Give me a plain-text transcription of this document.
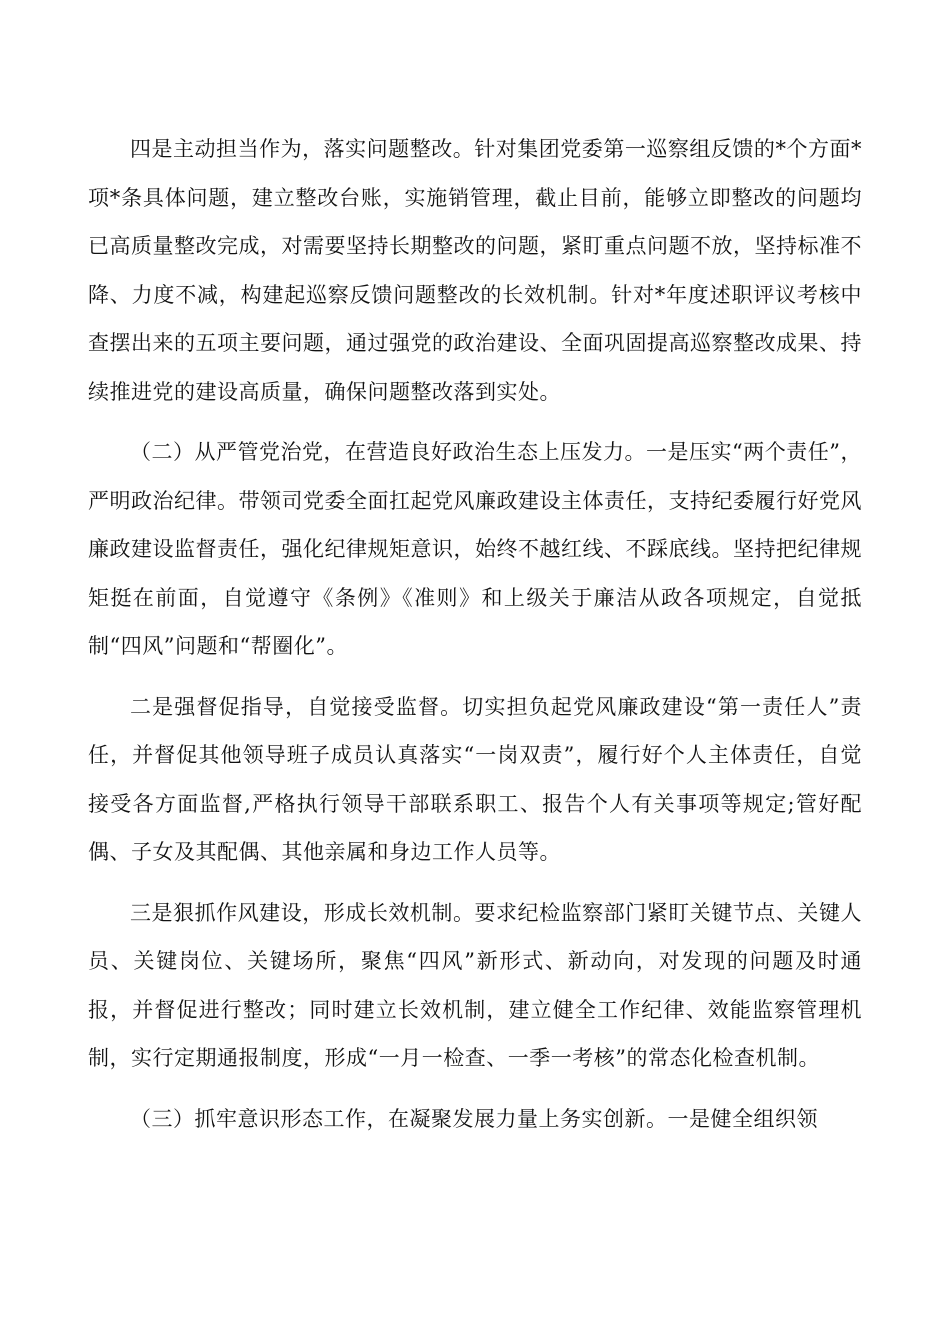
四是主动担当作为，落实问题整改。针对集团党委第一巡察组反馈的*个方面*项*条具体问题，建立整改台账，实施销管理，截止目前，能够立即整改的问题均已高质量整改完成，对需要坚持长期整改的问题，紧盯重点问题不放，坚持标准不降、力度不减，构建起巡察反馈问题整改的长效机制。针对*年度述职评议考核中查摆出来的五项主要问题，通过强党的政治建设、全面巩固提高巡察整改成果、持续推进党的建设高质量，确保问题整改落到实处。

（二）从严管党治党，在营造良好政治生态上压发力。一是压实“两个责任”，严明政治纪律。带领司党委全面扛起党风廉政建设主体责任，支持纪委履行好党风廉政建设监督责任，强化纪律规矩意识，始终不越红线、不踩底线。坚持把纪律规矩挺在前面，自觉遵守《条例》《准则》和上级关于廉洁从政各项规定，自觉抵制“四风”问题和“帮圈化”。

二是强督促指导，自觉接受监督。切实担负起党风廉政建设“第一责任人”责任，并督促其他领导班子成员认真落实“一岗双责”，履行好个人主体责任，自觉接受各方面监督,严格执行领导干部联系职工、报告个人有关事项等规定;管好配偶、子女及其配偶、其他亲属和身边工作人员等。

三是狠抓作风建设，形成长效机制。要求纪检监察部门紧盯关键节点、关键人员、关键岗位、关键场所，聚焦“四风”新形式、新动向，对发现的问题及时通报，并督促进行整改；同时建立长效机制，建立健全工作纪律、效能监察管理机制，实行定期通报制度，形成“一月一检查、一季一考核”的常态化检查机制。

（三）抓牢意识形态工作，在凝聚发展力量上务实创新。一是健全组织领
